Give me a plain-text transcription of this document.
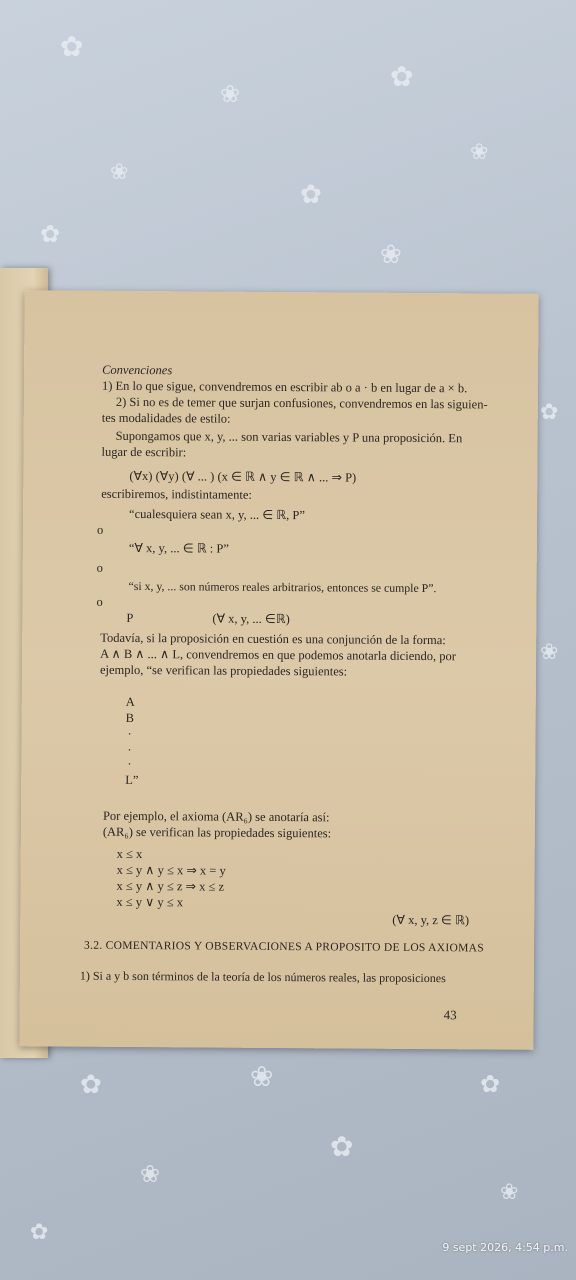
✿
❀
✿
❀
✿
❀
✿
❀
✿
❀
✿	❀	✿
❀
✿
❀
✿
Convenciones
1) En lo que sigue, convendremos en escribir ab o a · b en lugar de a × b.
2) Si no es de temer que surjan confusiones, convendremos en las siguien-
tes modalidades de estilo:
Supongamos que x, y, ... son varias variables y P una proposición. En
lugar de escribir:
(∀x) (∀y) (∀ ... ) (x ∈ ℝ ∧ y ∈ ℝ ∧ ... ⇒ P)
escribiremos, indistintamente:
“cualesquiera sean x, y, ... ∈ ℝ, P”
o
“∀ x, y, ... ∈ ℝ : P”
o
“si x, y, ... son números reales arbitrarios, entonces se cumple P”.
o
P	(∀ x, y, ... ∈ℝ)
Todavía, si la proposición en cuestión es una conjunción de la forma:
A ∧ B ∧ ... ∧ L, convendremos en que podemos anotarla diciendo, por
ejemplo, “se verifican las propiedades siguientes:
A
B
·
·
·
L”
Por ejemplo, el axioma (AR₆) se anotaría así:
(AR₆) se verifican las propiedades siguientes:
x ≤ x
x ≤ y ∧ y ≤ x ⇒ x = y
x ≤ y ∧ y ≤ z ⇒ x ≤ z
x ≤ y ∨ y ≤ x
(∀ x, y, z ∈ ℝ)
3.2. COMENTARIOS Y OBSERVACIONES A PROPOSITO DE LOS AXIOMAS
1) Si a y b son términos de la teoría de los números reales, las proposiciones
43
9 sept 2026, 4:54 p.m.
